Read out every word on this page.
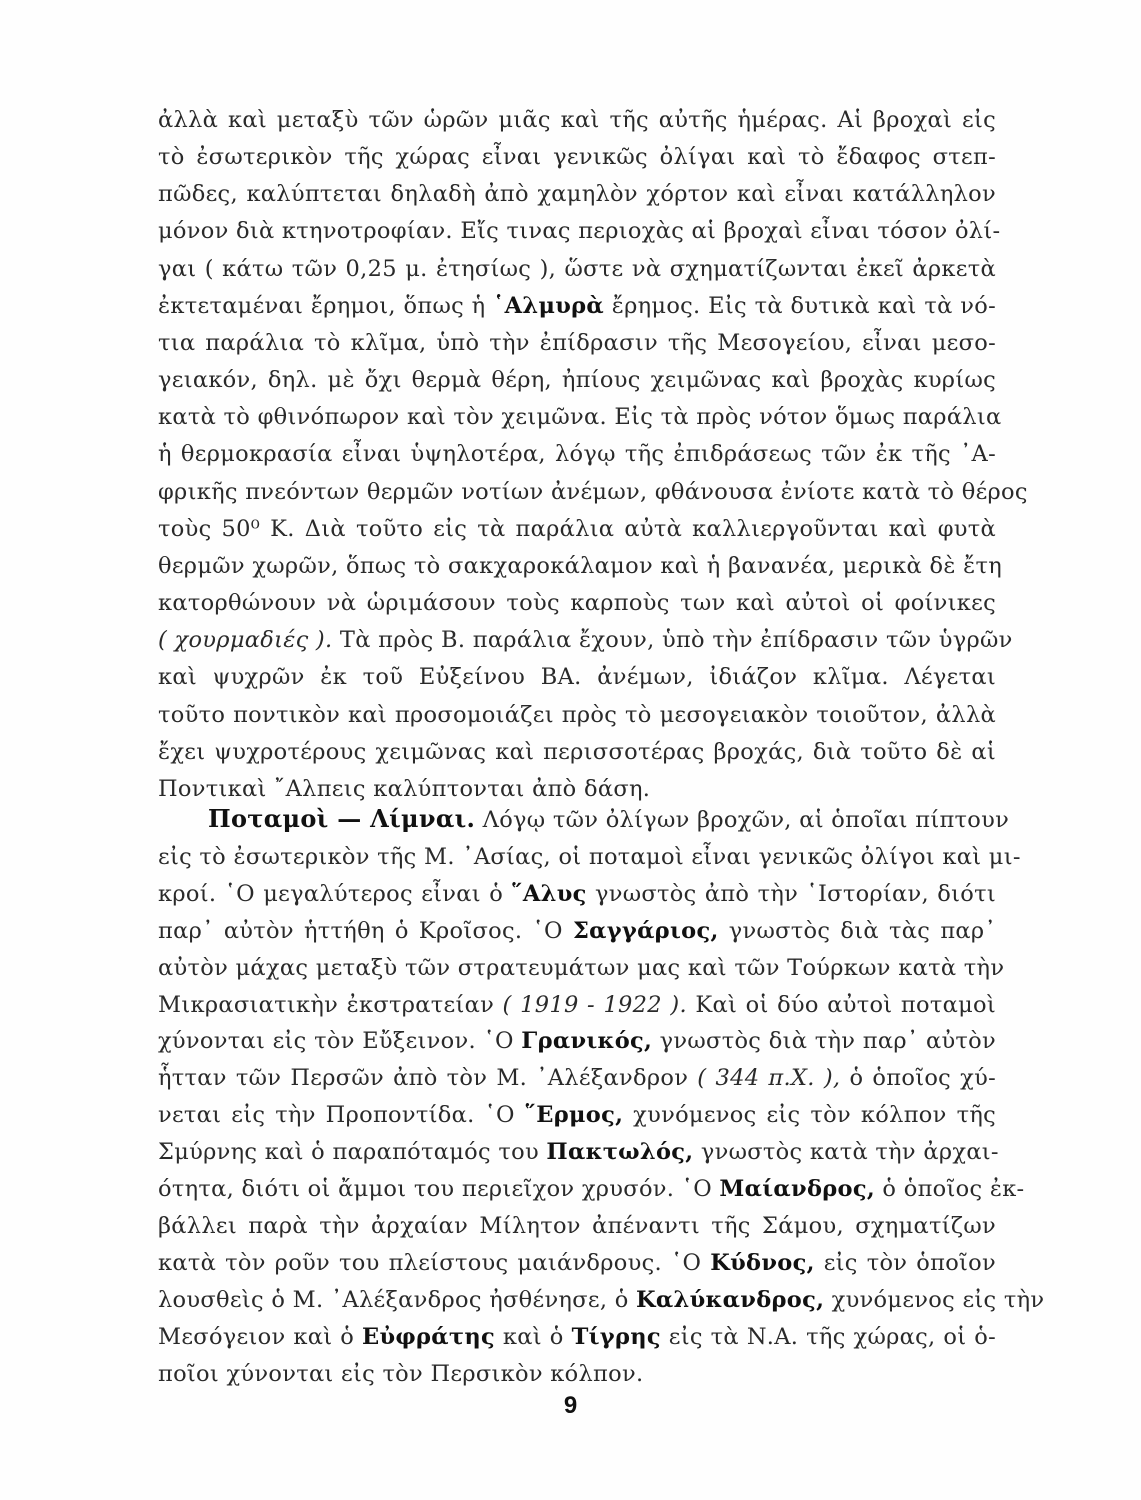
ἀλλὰ καὶ μεταξὺ τῶν ὡρῶν μιᾶς καὶ τῆς αὐτῆς ἡμέρας. Αἱ βροχαὶ εἰς
τὸ ἐσωτερικὸν τῆς χώρας εἶναι γενικῶς ὀλίγαι καὶ τὸ ἔδαφος στεπ-
πῶδες, καλύπτεται δηλαδὴ ἀπὸ χαμηλὸν χόρτον καὶ εἶναι κατάλληλον
μόνον διὰ κτηνοτροφίαν. Εἴς τινας περιοχὰς αἱ βροχαὶ εἶναι τόσον ὀλί-
γαι ( κάτω τῶν 0,25 μ. ἐτησίως ), ὥστε νὰ σχηματίζωνται ἐκεῖ ἀρκετὰ
ἐκτεταμέναι ἔρημοι, ὅπως ἡ ῾Αλμυρὰ ἔρημος. Εἰς τὰ δυτικὰ καὶ τὰ νό-
τια παράλια τὸ κλῖμα, ὑπὸ τὴν ἐπίδρασιν τῆς Μεσογείου, εἶναι μεσο-
γειακόν, δηλ. μὲ ὄχι θερμὰ θέρη, ἠπίους χειμῶνας καὶ βροχὰς κυρίως
κατὰ τὸ φθινόπωρον καὶ τὸν χειμῶνα. Εἰς τὰ πρὸς νότον ὅμως παράλια
ἡ θερμοκρασία εἶναι ὑψηλοτέρα, λόγῳ τῆς ἐπιδράσεως τῶν ἐκ τῆς ᾿Α-
φρικῆς πνεόντων θερμῶν νοτίων ἀνέμων, φθάνουσα ἐνίοτε κατὰ τὸ θέρος
τοὺς 50⁰ Κ. Διὰ τοῦτο εἰς τὰ παράλια αὐτὰ καλλιεργοῦνται καὶ φυτὰ
θερμῶν χωρῶν, ὅπως τὸ σακχαροκάλαμον καὶ ἡ βανανέα, μερικὰ δὲ ἔτη
κατορθώνουν νὰ ὡριμάσουν τοὺς καρποὺς των καὶ αὐτοὶ οἱ φοίνικες
( χουρμαδιές ). Τὰ πρὸς Β. παράλια ἔχουν, ὑπὸ τὴν ἐπίδρασιν τῶν ὑγρῶν
καὶ ψυχρῶν ἐκ τοῦ Εὐξείνου ΒΑ. ἀνέμων, ἰδιάζον κλῖμα. Λέγεται
τοῦτο ποντικὸν καὶ προσομοιάζει πρὸς τὸ μεσογειακὸν τοιοῦτον, ἀλλὰ
ἔχει ψυχροτέρους χειμῶνας καὶ περισσοτέρας βροχάς, διὰ τοῦτο δὲ αἱ
Ποντικαὶ ῎Αλπεις καλύπτονται ἀπὸ δάση.
Ποταμοὶ — Λίμναι. Λόγῳ τῶν ὀλίγων βροχῶν, αἱ ὁποῖαι πίπτουν
εἰς τὸ ἐσωτερικὸν τῆς Μ. ᾿Ασίας, οἱ ποταμοὶ εἶναι γενικῶς ὀλίγοι καὶ μι-
κροί. ῾Ο μεγαλύτερος εἶναι ὁ ῞Αλυς γνωστὸς ἀπὸ τὴν ῾Ιστορίαν, διότι
παρ᾿ αὐτὸν ἡττήθη ὁ Κροῖσος. ῾Ο Σαγγάριος, γνωστὸς διὰ τὰς παρ᾿
αὐτὸν μάχας μεταξὺ τῶν στρατευμάτων μας καὶ τῶν Τούρκων κατὰ τὴν
Μικρασιατικὴν ἐκστρατείαν ( 1919 - 1922 ). Καὶ οἱ δύο αὐτοὶ ποταμοὶ
χύνονται εἰς τὸν Εὔξεινον. ῾Ο Γρανικός, γνωστὸς διὰ τὴν παρ᾿ αὐτὸν
ἧτταν τῶν Περσῶν ἀπὸ τὸν Μ. ᾿Αλέξανδρον ( 344 π.Χ. ), ὁ ὁποῖος χύ-
νεται εἰς τὴν Προποντίδα. ῾Ο ῞Ερμος, χυνόμενος εἰς τὸν κόλπον τῆς
Σμύρνης καὶ ὁ παραπόταμός του Πακτωλός, γνωστὸς κατὰ τὴν ἀρχαι-
ότητα, διότι οἱ ἄμμοι του περιεῖχον χρυσόν. ῾Ο Μαίανδρος, ὁ ὁποῖος ἐκ-
βάλλει παρὰ τὴν ἀρχαίαν Μίλητον ἀπέναντι τῆς Σάμου, σχηματίζων
κατὰ τὸν ροῦν του πλείστους μαιάνδρους. ῾Ο Κύδνος, εἰς τὸν ὁποῖον
λουσθεὶς ὁ Μ. ᾿Αλέξανδρος ἠσθένησε, ὁ Καλύκανδρος, χυνόμενος εἰς τὴν
Μεσόγειον καὶ ὁ Εὐφράτης καὶ ὁ Τίγρης εἰς τὰ Ν.Α. τῆς χώρας, οἱ ὁ-
ποῖοι χύνονται εἰς τὸν Περσικὸν κόλπον.
9
